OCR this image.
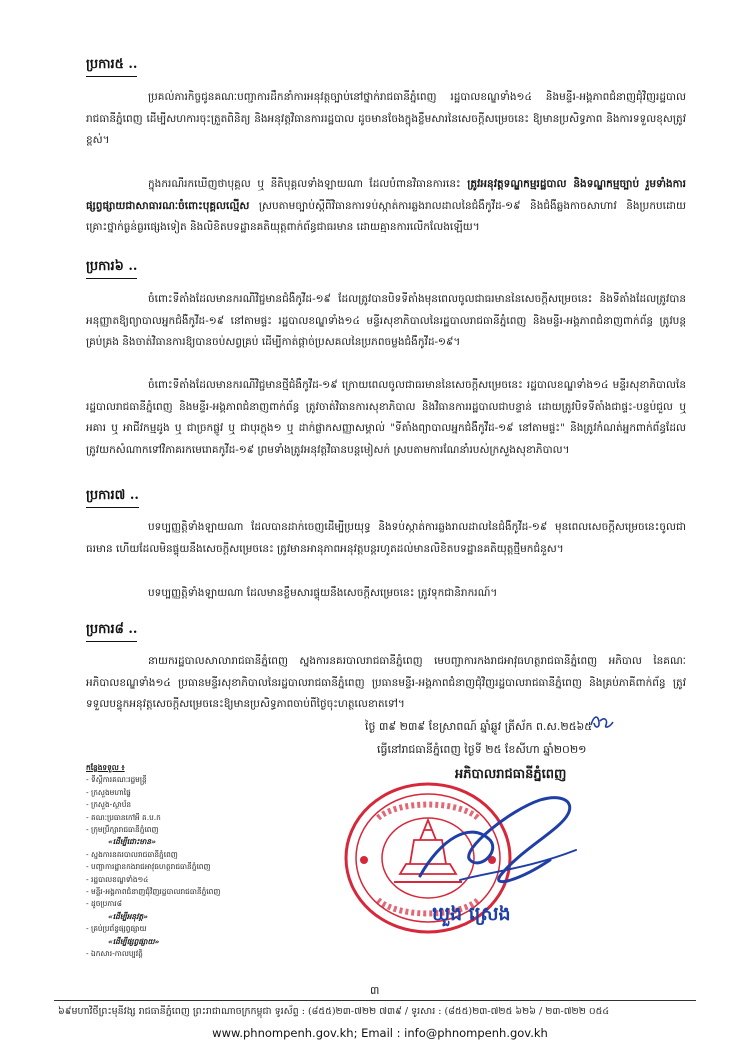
ប្រការ៥ ..
ប្រគល់ភារកិច្ចជូនគណៈបញ្ជាការដឹកនាំការអនុវត្តច្បាប់នៅថ្នាក់រាជធានីភ្នំពេញ រដ្ឋបាលខណ្ឌទាំង១៤ និងមន្ទីរ-អង្គភាពជំនាញជុំវិញរដ្ឋបាលរាជធានីភ្នំពេញ ដើម្បីសហការចុះត្រួតពិនិត្យ និងអនុវត្តវិធានការរដ្ឋបាល ដូចមានចែងក្នុងខ្លឹមសារនៃសេចក្តីសម្រេចនេះ ឱ្យមានប្រសិទ្ធភាព និងការទទួលខុសត្រូវខ្ពស់។
ក្នុងករណីរកឃើញថាបុគ្គល ឬ នីតិបុគ្គលទាំងឡាយណា ដែលបំពានវិធានការនេះ ត្រូវអនុវត្តទណ្ឌកម្មរដ្ឋបាល និងទណ្ឌកម្មច្បាប់ រួមទាំងការផ្សព្វផ្សាយជាសាធារណៈចំពោះបុគ្គលល្មើស ស្របតាមច្បាប់ស្តីពីវិធានការទប់ស្កាត់ការឆ្លងរាលដាលនៃជំងឺកូវីដ-១៩ និងជំងឺឆ្លងកាចសាហាវ និងប្រកបដោយគ្រោះថ្នាក់ធ្ងន់ធ្ងរផ្សេងទៀត និងលិខិតបទដ្ឋានគតិយុត្តពាក់ព័ន្ធជាធរមាន ដោយគ្មានការលើកលែងឡើយ។
ប្រការ៦ ..
ចំពោះទីតាំងដែលមានករណីវិជ្ជមានជំងឺកូវីដ-១៩ ដែលត្រូវបានបិទទីតាំងមុនពេលចូលជាធរមាននៃសេចក្តីសម្រេចនេះ និងទីតាំងដែលត្រូវបានអនុញ្ញាតឱ្យព្យាបាលអ្នកជំងឺកូវីដ-១៩ នៅតាមផ្ទះ រដ្ឋបាលខណ្ឌទាំង១៤ មន្ទីរសុខាភិបាលនៃរដ្ឋបាលរាជធានីភ្នំពេញ និងមន្ទីរ-អង្គភាពជំនាញពាក់ព័ន្ធ ត្រូវបន្តគ្រប់គ្រង និងចាត់វិធានការឱ្យបានចប់សព្វគ្រប់ ដើម្បីកាត់ផ្តាច់ប្រសគលនៃប្រភពចម្លងជំងឺកូវីដ-១៩។
ចំពោះទីតាំងដែលមានករណីវិជ្ជមានថ្មីជំងឺកូវីដ-១៩ ក្រោយពេលចូលជាធរមាននៃសេចក្តីសម្រេចនេះ រដ្ឋបាលខណ្ឌទាំង១៤ មន្ទីរសុខាភិបាលនៃរដ្ឋបាលរាជធានីភ្នំពេញ និងមន្ទីរ-អង្គភាពជំនាញពាក់ព័ន្ធ ត្រូវចាត់វិធានការសុខាភិបាល និងវិធានការរដ្ឋបាលជាបន្ទាន់ ដោយត្រូវបិទទីតាំងជាផ្ទះ-បន្ទប់ជួល ឬ អគារ ឬ អាជីវកម្មដូង ឬ ជាច្រកផ្លូវ ឬ ជាបុរក្លុង១ ឬ ដាក់ផ្លាកសញ្ញាសម្គាល់ "ទីតាំងព្យាបាលអ្នកជំងឺកូវីដ-១៩ នៅតាមផ្ទះ" និងត្រូវកំណត់អ្នកពាក់ព័ន្ធដែលត្រូវយកសំណាកទៅវិភាគរកមេរោគកូវីដ-១៩ ព្រមទាំងត្រូវអនុវត្តវិធានបន្តមៀសក់ ស្របតាមការណែនាំរបស់ក្រសួងសុខាភិបាល។
ប្រការ៧ ..
បទប្បញ្ញត្តិទាំងឡាយណា ដែលបានដាក់ចេញដើម្បីប្រយុទ្ធ និងទប់ស្កាត់ការឆ្លងរាលដាលនៃជំងឺកូវីដ-១៩ មុនពេលសេចក្តីសម្រេចនេះចូលជាធរមាន ហើយដែលមិនផ្ទុយនឹងសេចក្តីសម្រេចនេះ ត្រូវមានអានុភាពអនុវត្តបន្តរហូតដល់មានលិខិតបទដ្ឋានគតិយុត្តថ្មីមកជំនួស។
បទប្បញ្ញត្តិទាំងឡាយណា ដែលមានខ្លឹមសារផ្ទុយនឹងសេចក្តីសម្រេចនេះ ត្រូវទុកជានិរាករណ៍។
ប្រការ៨ ..
នាយករដ្ឋបាលសាលារាជធានីភ្នំពេញ ស្នងការនគរបាលរាជធានីភ្នំពេញ មេបញ្ជាការកងរាជអាវុធហត្ថរាជធានីភ្នំពេញ អភិបាល នៃគណៈអភិបាលខណ្ឌទាំង១៤ ប្រធានមន្ទីរសុខាភិបាលនៃរដ្ឋបាលរាជធានីភ្នំពេញ ប្រធានមន្ទីរ-អង្គភាពជំនាញជុំវិញរដ្ឋបាលរាជធានីភ្នំពេញ និងគ្រប់ភាគីពាក់ព័ន្ធ ត្រូវទទួលបន្ទុកអនុវត្តសេចក្តីសម្រេចនេះឱ្យមានប្រសិទ្ធភាពចាប់ពីថ្ងៃចុះហត្ថលេខាតទៅ។
ថ្ងៃ ៣៩ ២៣៩ ខែស្រាពណ៍ ឆ្នាំឆ្លូវ ត្រីស័ក ព.ស.២៥៦៥
ធ្វើនៅរាជធានីភ្នំពេញ ថ្ងៃទី ២៥ ខែសីហា ឆ្នាំ២០២១
អភិបាលរាជធានីភ្នំពេញ
ឃួង ស្រេង
កន្លែងទទួល ៖
- ទីស្តីការគណៈរដ្ឋមន្ត្រី
- ក្រសួងមហាផ្ទៃ
- ក្រសួង-ស្ថាប័ន
- គណៈប្រធានកៅអី គ.ប.ក
- ក្រុមប្រឹក្សារាជធានីភ្នំពេញ
«ដើម្បីជោះមាន»
- ស្នងការនគរបាលរាជធានីភ្នំពេញ
- បញ្ជាការដ្ឋានកងរាជអាវុធហត្ថរាជធានីភ្នំពេញ
- រដ្ឋបាលខណ្ឌទាំង១៤
- មន្ទីរ-អង្គភាពជំនាញជុំវិញរដ្ឋបាលរាជធានីភ្នំពេញ
- ដូចប្រការ៨
«ដើម្បីអនុវត្ត»
- គ្រប់ប្រព័ន្ធផ្សព្វផ្សាយ
«ដើម្បីផ្សព្វផ្សាយ»
- ឯកសារ-កាលប្បវត្តិ
៣
៦៩មហាវិថីព្រះមុនីវង្ស រាជធានីភ្នំពេញ ព្រះរាជាណាចក្រកម្ពុជា ទូរស័ព្ទ : (៨៥៥)២៣-៧២២ ៧៣៩ / ទូរសារ : (៨៥៥)២៣-៧២៥ ៦២៦ / ២៣-៧២២ ០៥៤
www.phnompenh.gov.kh; Email : info@phnompenh.gov.kh
